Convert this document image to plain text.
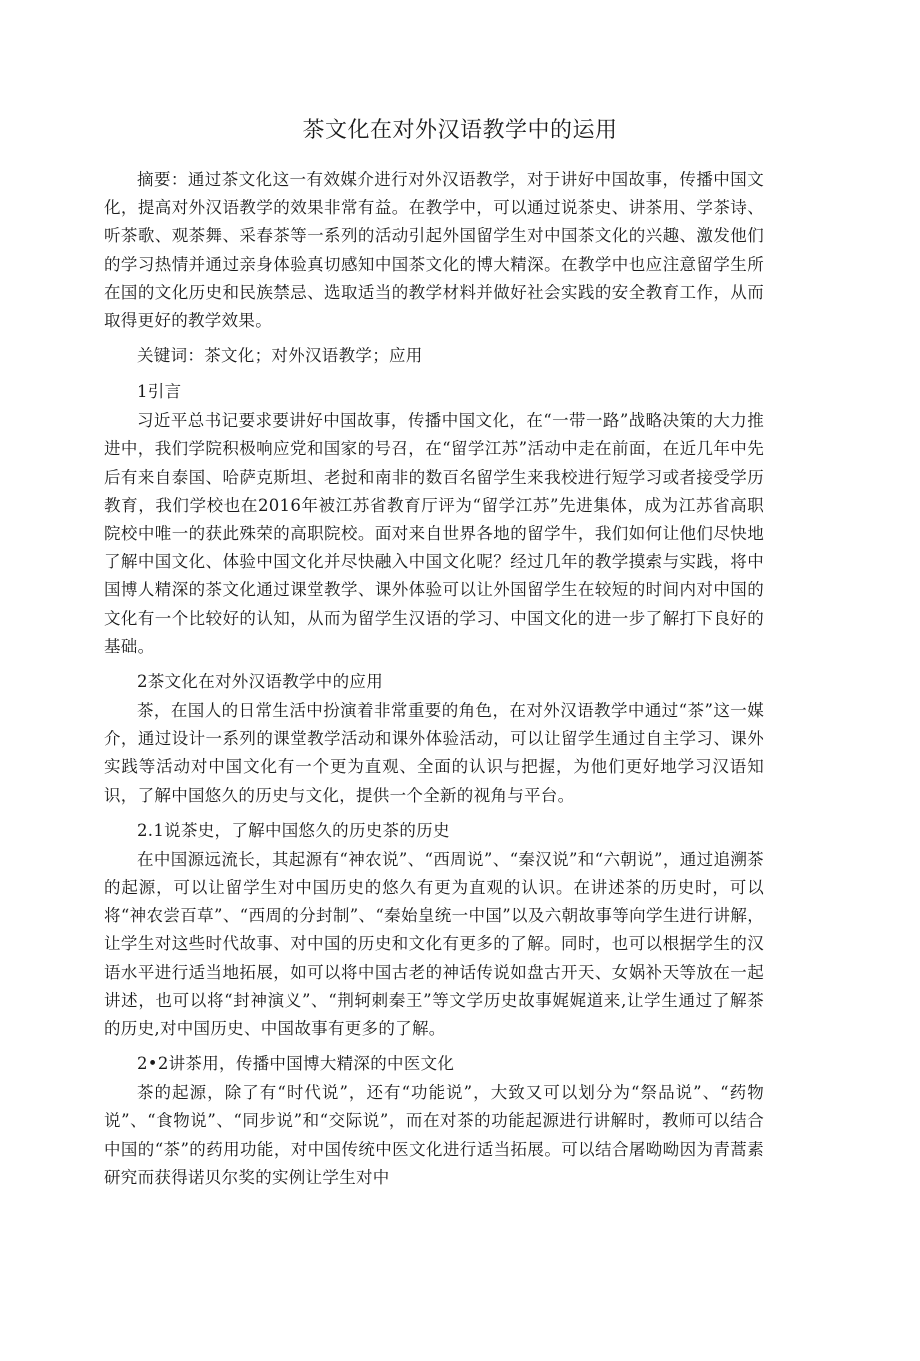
茶文化在对外汉语教学中的运用

摘要：通过茶文化这一有效媒介进行对外汉语教学，对于讲好中国故事，传播中国文化，提高对外汉语教学的效果非常有益。在教学中，可以通过说茶史、讲茶用、学茶诗、听茶歌、观茶舞、采春茶等一系列的活动引起外国留学生对中国茶文化的兴趣、激发他们的学习热情并通过亲身体验真切感知中国茶文化的博大精深。在教学中也应注意留学生所在国的文化历史和民族禁忌、选取适当的教学材料并做好社会实践的安全教育工作，从而取得更好的教学效果。

关键词：茶文化；对外汉语教学；应用

1引言

习近平总书记要求要讲好中国故事，传播中国文化，在“一带一路”战略决策的大力推进中，我们学院积极响应党和国家的号召，在“留学江苏”活动中走在前面，在近几年中先后有来自泰国、哈萨克斯坦、老挝和南非的数百名留学生来我校进行短学习或者接受学历教育，我们学校也在2016年被江苏省教育厅评为“留学江苏”先进集体，成为江苏省高职院校中唯一的获此殊荣的高职院校。面对来自世界各地的留学牛，我们如何让他们尽快地了解中国文化、体验中国文化并尽快融入中国文化呢？经过几年的教学摸索与实践，将中国博人精深的茶文化通过课堂教学、课外体验可以让外国留学生在较短的时间内对中国的文化有一个比较好的认知，从而为留学生汉语的学习、中国文化的进一步了解打下良好的基础。

2茶文化在对外汉语教学中的应用

茶，在国人的日常生活中扮演着非常重要的角色，在对外汉语教学中通过“茶”这一媒介，通过设计一系列的课堂教学活动和课外体验活动，可以让留学生通过自主学习、课外实践等活动对中国文化有一个更为直观、全面的认识与把握，为他们更好地学习汉语知识，了解中国悠久的历史与文化，提供一个全新的视角与平台。

2.1说茶史，了解中国悠久的历史茶的历史

在中国源远流长，其起源有“神农说”、“西周说”、“秦汉说”和“六朝说”，通过追溯茶的起源，可以让留学生对中国历史的悠久有更为直观的认识。在讲述茶的历史时，可以将“神农尝百草”、“西周的分封制”、“秦始皇统一中国”以及六朝故事等向学生进行讲解，让学生对这些时代故事、对中国的历史和文化有更多的了解。同时，也可以根据学生的汉语水平进行适当地拓展，如可以将中国古老的神话传说如盘古开天、女娲补天等放在一起讲述，也可以将“封神演义”、“荆轲刺秦王”等文学历史故事娓娓道来,让学生通过了解茶的历史,对中国历史、中国故事有更多的了解。

2•2讲茶用，传播中国博大精深的中医文化

茶的起源，除了有“时代说”，还有“功能说”，大致又可以划分为“祭品说”、“药物说”、“食物说”、“同步说”和“交际说”，而在对茶的功能起源进行讲解时，教师可以结合中国的“茶”的药用功能，对中国传统中医文化进行适当拓展。可以结合屠呦呦因为青蒿素研究而获得诺贝尔奖的实例让学生对中
